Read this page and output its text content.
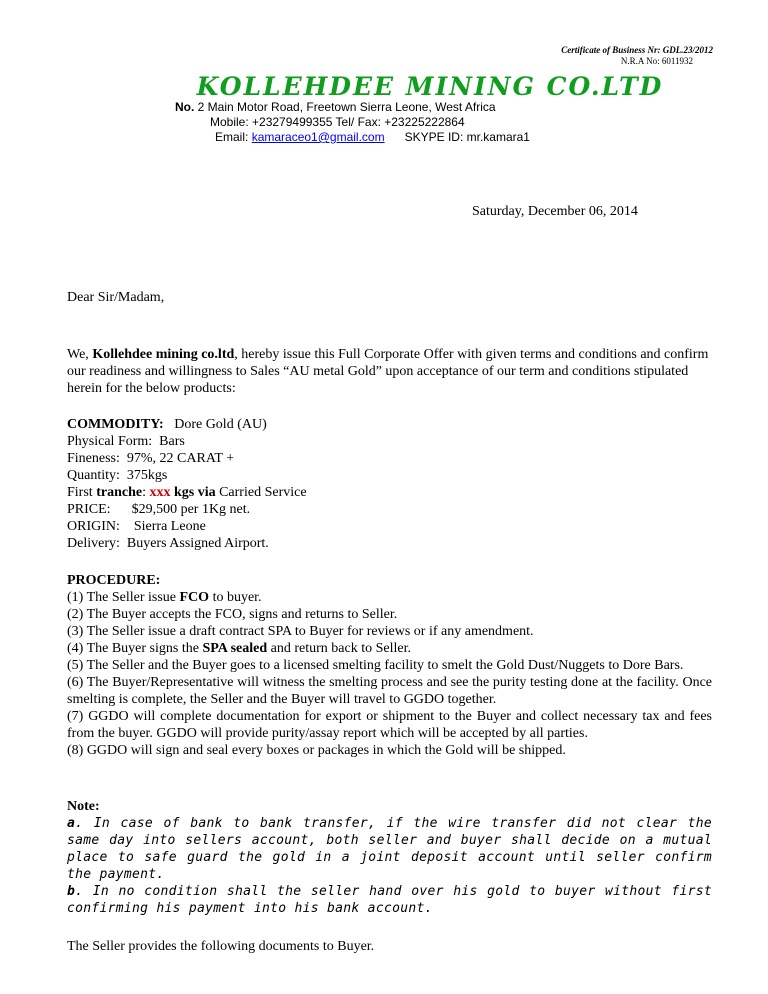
Certificate of Business Nr: GDL.23/2012
N.R.A No: 6011932
KOLLEHDEE MINING CO.LTD
No. 2 Main Motor Road, Freetown Sierra Leone, West Africa
Mobile: +23279499355 Tel/ Fax: +23225222864
Email: kamaraceo1@gmail.com SKYPE ID: mr.kamara1
Saturday, December 06, 2014
Dear Sir/Madam,

We, Kollehdee mining co.ltd, hereby issue this Full Corporate Offer with given terms and conditions and confirm our readiness and willingness to Sales “AU metal Gold” upon acceptance of our term and conditions stipulated herein for the below products:

COMMODITY:   Dore Gold (AU)
Physical Form:  Bars
Fineness:  97%, 22 CARAT +
Quantity:  375kgs
First tranche: xxx kgs via Carried Service
PRICE:      $29,500 per 1Kg net.
ORIGIN:    Sierra Leone
Delivery:  Buyers Assigned Airport.
PROCEDURE:
(1) The Seller issue FCO to buyer.
(2) The Buyer accepts the FCO, signs and returns to Seller.
(3) The Seller issue a draft contract SPA to Buyer for reviews or if any amendment.
(4) The Buyer signs the SPA sealed and return back to Seller.
(5) The Seller and the Buyer goes to a licensed smelting facility to smelt the Gold Dust/Nuggets to Dore Bars.
(6) The Buyer/Representative will witness the smelting process and see the purity testing done at the facility. Once smelting is complete, the Seller and the Buyer will travel to GGDO together.
(7) GGDO will complete documentation for export or shipment to the Buyer and collect necessary tax and fees from the buyer. GGDO will provide purity/assay report which will be accepted by all parties.
(8) GGDO will sign and seal every boxes or packages in which the Gold will be shipped.
Note:
a. In case of bank to bank transfer, if the wire transfer did not clear the same day into sellers account, both seller and buyer shall decide on a mutual place to safe guard the gold in a joint deposit account until seller confirm the payment.
b. In no condition shall the seller hand over his gold to buyer without first confirming his payment into his bank account.
The Seller provides the following documents to Buyer.
